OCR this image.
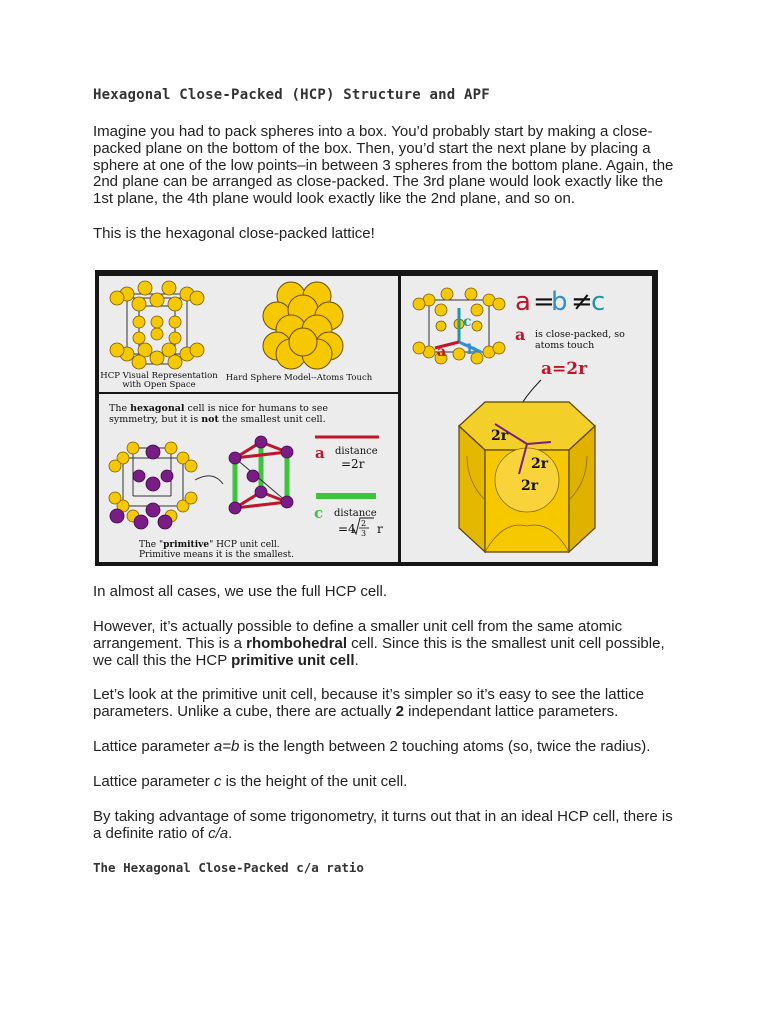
Hexagonal Close-Packed (HCP) Structure and APF

Imagine you had to pack spheres into a box. You’d probably start by making a close-packed plane on the bottom of the box. Then, you’d start the next plane by placing a sphere at one of the low points–in between 3 spheres from the bottom plane. Again, the 2nd plane can be arranged as close-packed. The 3rd plane would look exactly like the 1st plane, the 4th plane would look exactly like the 2nd plane, and so on.

This is the hexagonal close-packed lattice!

HCP Visual Representation
with Open Space
Hard Sphere Model--Atoms Touch
The hexagonal cell is nice for humans to see
symmetry, but it is not the smallest unit cell.
a distance
=2r
c distance
=4 2
3 r
The "primitive" HCP unit cell.
Primitive means it is the smallest.
c
a b
a =
b ≠
c
a is close-packed, so
atoms touch
a=2r
2r
2r
2r

In almost all cases, we use the full HCP cell.

However, it’s actually possible to define a smaller unit cell from the same atomic arrangement. This is a rhombohedral cell. Since this is the smallest unit cell possible, we call this the HCP primitive unit cell.

Let’s look at the primitive unit cell, because it’s simpler so it’s easy to see the lattice parameters. Unlike a cube, there are actually 2 independant lattice parameters.

Lattice parameter a=b is the length between 2 touching atoms (so, twice the radius).

Lattice parameter c is the height of the unit cell.

By taking advantage of some trigonometry, it turns out that in an ideal HCP cell, there is a definite ratio of c/a.

The Hexagonal Close-Packed c/a ratio
